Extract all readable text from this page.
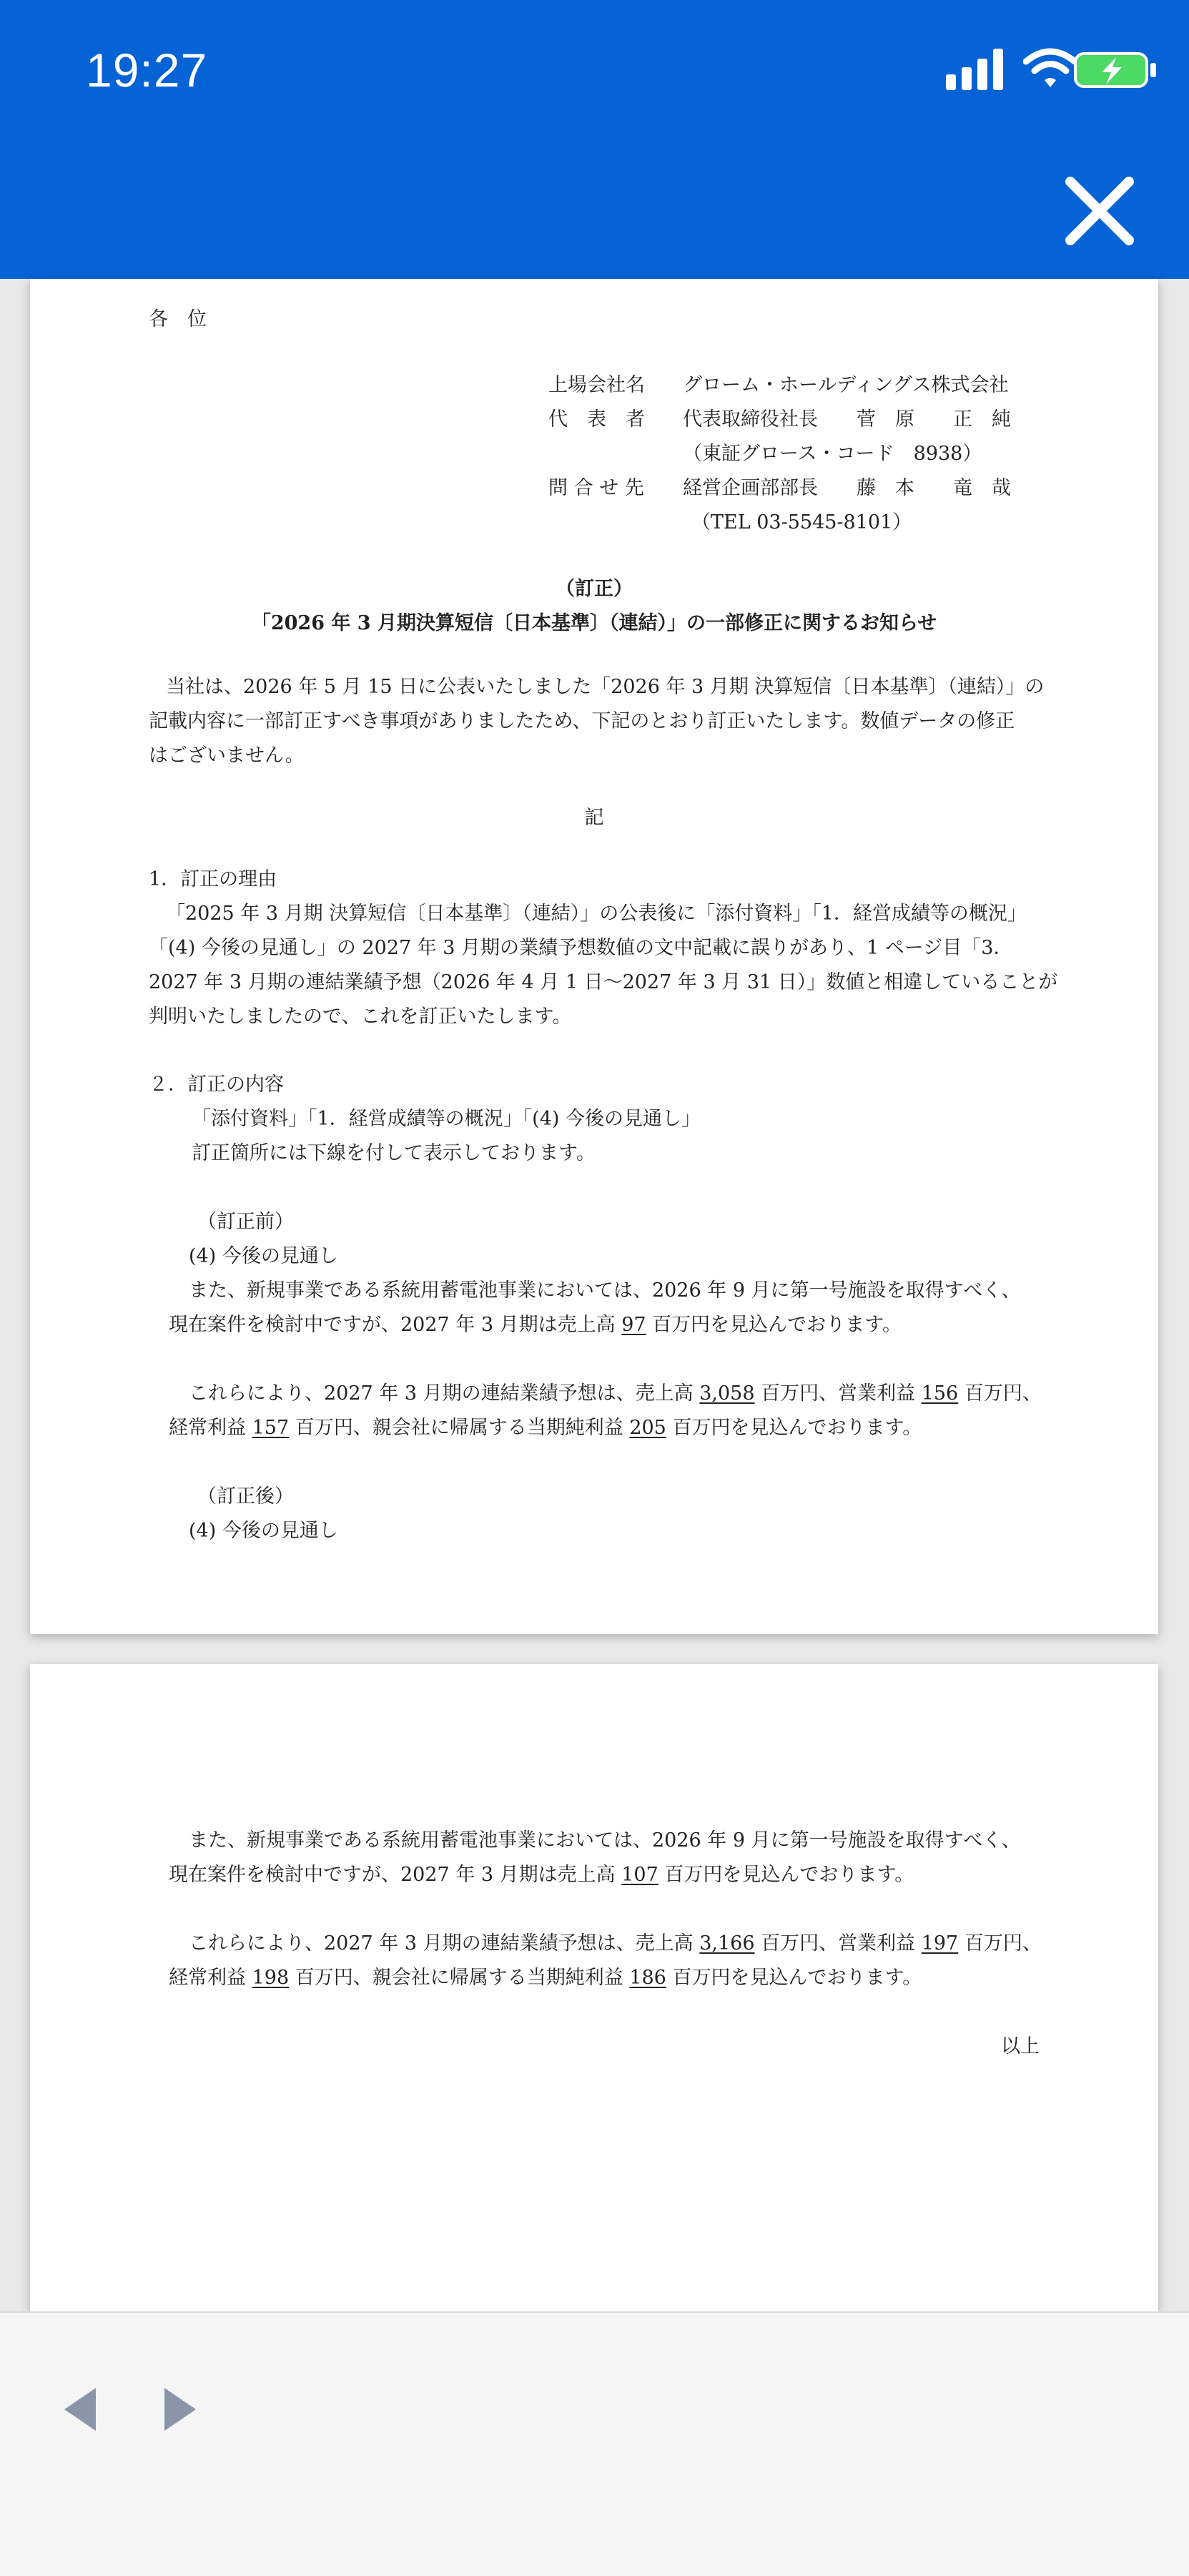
19:27
各　位
上場会社名 グローム・ホールディングス株式会社
代　表　者 代表取締役社長　　菅　原　　正　純
（東証グロース・コード　8938）
問 合 せ 先 経営企画部部長　　藤　本　　竜　哉
（TEL 03-5545-8101）
（訂正）
「2026 年 3 月期決算短信〔日本基準〕（連結）」の一部修正に関するお知らせ
当社は、2026 年 5 月 15 日に公表いたしました「2026 年 3 月期 決算短信〔日本基準〕（連結）」の
記載内容に一部訂正すべき事項がありましたため、下記のとおり訂正いたします。数値データの修正
はございません。
記
1．訂正の理由
「2025 年 3 月期 決算短信〔日本基準〕（連結）」の公表後に「添付資料」「1．経営成績等の概況」
「(4) 今後の見通し」の 2027 年 3 月期の業績予想数値の文中記載に誤りがあり、1 ページ目「3．
2027 年 3 月期の連結業績予想（2026 年 4 月 1 日～2027 年 3 月 31 日）」数値と相違していることが
判明いたしましたので、これを訂正いたします。
２．訂正の内容
「添付資料」「1．経営成績等の概況」「(4) 今後の見通し」
訂正箇所には下線を付して表示しております。
（訂正前）
(4) 今後の見通し
また、新規事業である系統用蓄電池事業においては、2026 年 9 月に第一号施設を取得すべく、
現在案件を検討中ですが、2027 年 3 月期は売上高 97 百万円を見込んでおります。
これらにより、2027 年 3 月期の連結業績予想は、売上高 3,058 百万円、営業利益 156 百万円、
経常利益 157 百万円、親会社に帰属する当期純利益 205 百万円を見込んでおります。
（訂正後）
(4) 今後の見通し
また、新規事業である系統用蓄電池事業においては、2026 年 9 月に第一号施設を取得すべく、
現在案件を検討中ですが、2027 年 3 月期は売上高 107 百万円を見込んでおります。
これらにより、2027 年 3 月期の連結業績予想は、売上高 3,166 百万円、営業利益 197 百万円、
経常利益 198 百万円、親会社に帰属する当期純利益 186 百万円を見込んでおります。
以上
